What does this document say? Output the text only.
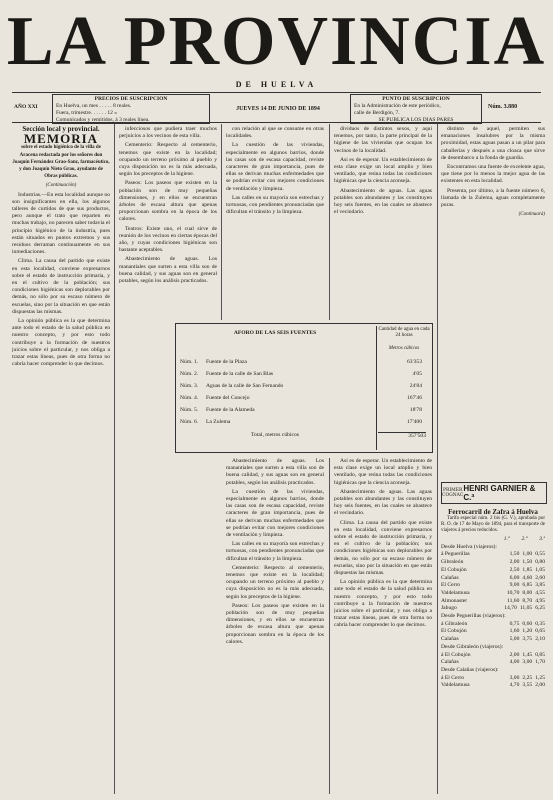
LA PROVINCIA
DE HUELVA
AÑO XXI
PRECIOS DE SUSCRIPCION
En Huelva, un mes . . . . . 8 reales.
Fuera, trimestre. . . . . . 12 »
Comunicados y remitidos, á 3 reales línea.
JUEVES 14 DE JUNIO DE 1894
PUNTO DE SUSCRIPCION
En la Administración de este periódico,
calle de Berdigón, 7.
SE PUBLICA LOS DIAS PARES
Núm. 3.880

Sección local y provincial.

MEMORIA

sobre el estado higiénico de la villa de Aracena redactada por los señores don Joaquín Fernández Grao-Sanz, farmacéutico, y don Joaquín Nieto Grao, ayudante de Obras públicas.

(Continuación)

Industrias.—En esta localidad aunque no son insignificantes en ella, los algunos talleres de curtidos de que sus productos, pero aunque el trato que reparten en muchas trabajo, no parecen saber todavía el principio higiénico de la industria, pues están situados en puntos extremos y sus residuos derraman continuamente en sus inmediaciones.

Clima. La causa del partido que existe en esta localidad, conviene expresarnos sobre el estado de instrucción primaria, y en el cultivo de la población; sus condiciones higiénicas son deplorables por demás, no sólo por su escaso número de escuelas, sino por la situación en que están dispuestas las mismas.

La opinión pública es la que determina ante todo el estado de la salud pública en nuestro concepto, y por esto todo contribuye a la formación de nuestros juicios sobre el particular, y nos obliga a trazar estas líneas, pues de otra forma no cabría hacer comprender lo que decimos.

infecciosos que pudiera traer muchos perjuicios a los vecinos de esta villa.

Cementerio: Respecto al cementerio, tenemos que existe en la localidad; ocupando un terreno próximo al pueblo y cuya disposición no es la más adecuada, según los preceptos de la higiene.

Paseos: Los paseos que existen en la población son de muy pequeñas dimensiones, y en ellos se encuentran árboles de escasa altura que apenas proporcionan sombra en la época de los calores.

Teatros: Existe uno, el cual sirve de reunión de los vecinos en ciertas épocas del año, y cuyas condiciones higiénicas son bastante aceptables.

Abastecimiento de aguas. Los manantiales que surten a esta villa son de buena calidad, y sus aguas son en general potables, según los análisis practicados.

con relación al que se consume en otras localidades.

La cuestión de las viviendas, especialmente en algunos barrios, donde las casas son de escasa capacidad, reviste caracteres de gran importancia, pues de ellas se derivan muchas enfermedades que se podrían evitar con mejores condiciones de ventilación y limpieza.

Las calles en su mayoría son estrechas y tortuosas, con pendientes pronunciadas que dificultan el tránsito y la limpieza.

dividuos de distintos sexos, y aquí tenemos, por tanto, la parte principal de la higiene de las viviendas que ocupan los vecinos de la localidad.

Así es de esperar. Un establecimiento de esta clase exige un local amplio y bien ventilado, que reúna todas las condiciones higiénicas que la ciencia aconseja.

Abastecimiento de aguas. Las aguas potables son abundantes y las constituyen hoy seis fuentes, en las cuales se abastece el vecindario.

AFORO DE LAS SEIS FUENTES
Cantidad de agua en cada 24 horas
Metros cúbicos
Núm. 1.	Fuente de la Plaza	63'353
Núm. 2.	Fuente de la calle de San Blas	4'05
Núm. 3.	Aguas de la calle de San Fernando	24'84
Núm. 4.	Fuente del Concejo	167'46
Núm. 5.	Fuente de la Alameda	18'78
Núm. 6.	La Zulema	17'400
Total, metros cúbicos	357'503

Abastecimiento de aguas. Los manantiales que surten a esta villa son de buena calidad, y sus aguas son en general potables, según los análisis practicados.

La cuestión de las viviendas, especialmente en algunos barrios, donde las casas son de escasa capacidad, reviste caracteres de gran importancia, pues de ellas se derivan muchas enfermedades que se podrían evitar con mejores condiciones de ventilación y limpieza.

Las calles en su mayoría son estrechas y tortuosas, con pendientes pronunciadas que dificultan el tránsito y la limpieza.

Cementerio: Respecto al cementerio, tenemos que existe en la localidad; ocupando un terreno próximo al pueblo y cuya disposición no es la más adecuada, según los preceptos de la higiene.

Paseos: Los paseos que existen en la población son de muy pequeñas dimensiones, y en ellos se encuentran árboles de escasa altura que apenas proporcionan sombra en la época de los calores.

Así es de esperar. Un establecimiento de esta clase exige un local amplio y bien ventilado, que reúna todas las condiciones higiénicas que la ciencia aconseja.

Abastecimiento de aguas. Las aguas potables son abundantes y las constituyen hoy seis fuentes, en las cuales se abastece el vecindario.

Clima. La causa del partido que existe en esta localidad, conviene expresarnos sobre el estado de instrucción primaria, y en el cultivo de la población; sus condiciones higiénicas son deplorables por demás, no sólo por su escaso número de escuelas, sino por la situación en que están dispuestas las mismas.

La opinión pública es la que determina ante todo el estado de la salud pública en nuestro concepto, y por esto todo contribuye a la formación de nuestros juicios sobre el particular, y nos obliga a trazar estas líneas, pues de otra forma no cabría hacer comprender lo que decimos.

distinto de aquel, permiten sus emanaciones insalubres por la misma proximidad, estas aguas pasan a un pilar para caballerías y después a una cloaca que sirve de desembarco a la fonda de guardia.

Encontramos una fuente de excelente agua, que tiene por lo menos la mejor agua de las existentes en esta localidad.

Presenta, por último, a la fuente número 6, llamada de la Zulema, aguas completamente puras.

(Continuará)

PRIMER COGNAC
HENRI GARNIER & C.ª
Ferrocarril de Zafra á Huelva

Tarifa especial núm. 2 bis (G. V.), aprobada por R. O. de 17 de Mayo de 1894, para el transporte de viajeros á precios reducidos.

1.ª 2.ª 3.ª
Desde Huelva (viajeros):
á Peguerillas	1,50 1,00 0,55
Gibraleón	2,00 1,50 0,80
El Cobujón	2,50 1,85 1,05
Calañas	6,00 4,60 2,60
El Cerro	9,00 6,85 3,85
Valdelamusa	10,70 8,00 4,55
Almonaster	11,60 8,70 4,95
Jabugo	14,70 11,05 6,25
Desde Peguerillas (viajeros):
á Gibraleón	0,75 0,60 0,35
El Cobujón	1,60 1,20 0,65
Calañas	5,00 3,75 2,10
Desde Gibraleón (viajeros):
á El Cobujón	2,00 1,45 0,85
Calañas	4,00 3,00 1,70
Desde Calañas (viajeros):
á El Cerro	3,00 2,25 1,25
Valdelamusa	4,70 3,55 2,00
